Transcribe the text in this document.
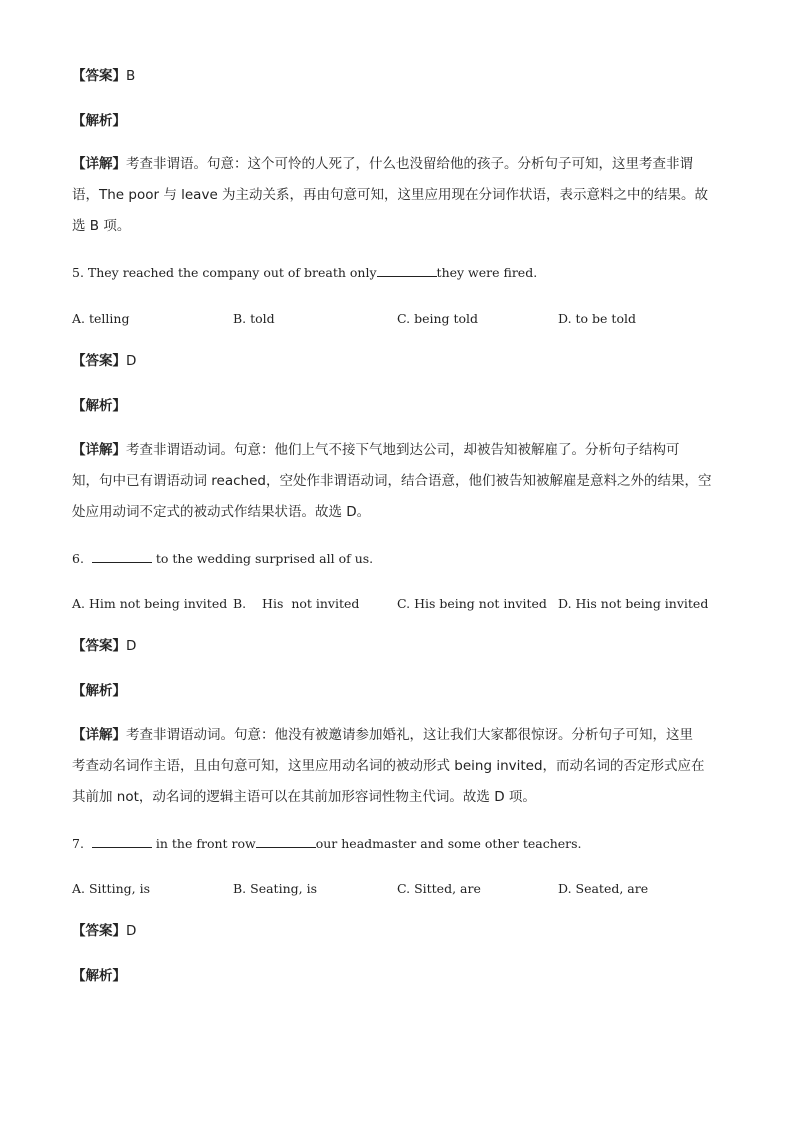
【答案】B
【解析】
【详解】考查非谓语。句意：这个可怜的人死了，什么也没留给他的孩子。分析句子可知，这里考查非谓
语，The poor 与 leave 为主动关系，再由句意可知，这里应用现在分词作状语，表示意料之中的结果。故
选 B 项。
5. They reached the company out of breath only	they were fired.
A. telling	B. told	C. being told	D. to be told
【答案】D
【解析】
【详解】考查非谓语动词。句意：他们上气不接下气地到达公司，却被告知被解雇了。分析句子结构可
知，句中已有谓语动词 reached，空处作非谓语动词，结合语意，他们被告知被解雇是意料之外的结果，空
处应用动词不定式的被动式作结果状语。故选 D。
6.	to the wedding surprised all of us.
A. Him not being invited B.    His  not invited	C. His being not invited D. His not being invited
【答案】D
【解析】
【详解】考查非谓语动词。句意：他没有被邀请参加婚礼，这让我们大家都很惊讶。分析句子可知，这里
考查动名词作主语，且由句意可知，这里应用动名词的被动形式 being invited，而动名词的否定形式应在
其前加 not，动名词的逻辑主语可以在其前加形容词性物主代词。故选 D 项。
7.	in the front row	our headmaster and some other teachers.
A. Sitting, is	B. Seating, is	C. Sitted, are	D. Seated, are
【答案】D
【解析】
